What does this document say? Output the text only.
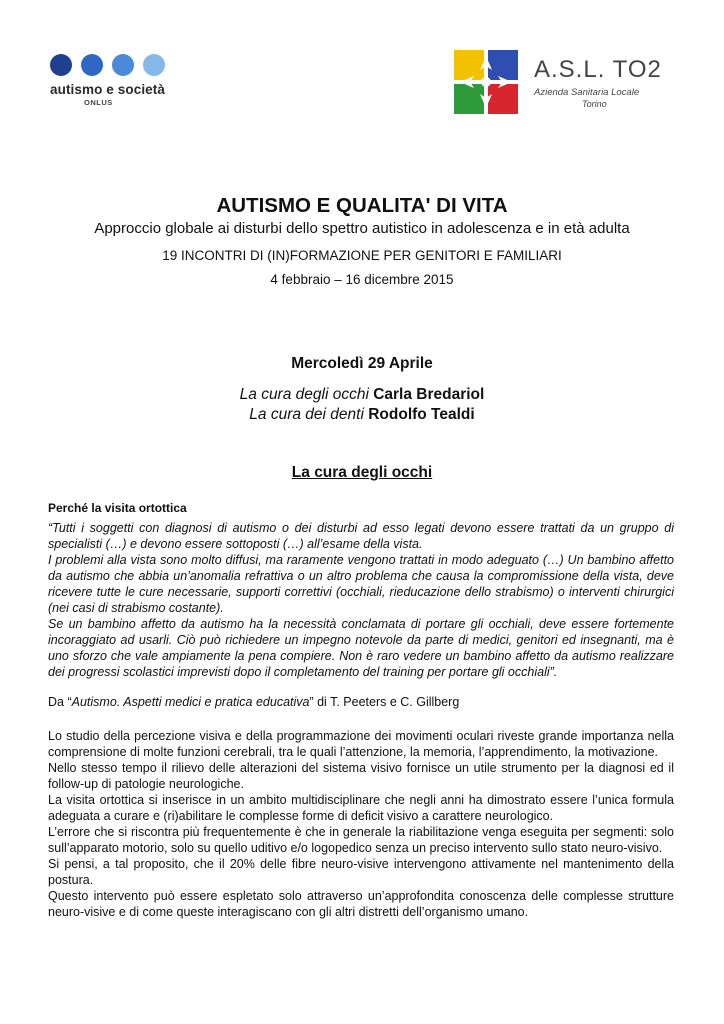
autismo e società
ONLUS
A.S.L. TO2
Azienda Sanitaria Locale
Torino
AUTISMO E QUALITA' DI VITA
Approccio globale ai disturbi dello spettro autistico in adolescenza e in età adulta
19 INCONTRI DI (IN)FORMAZIONE PER GENITORI E FAMILIARI
4 febbraio – 16 dicembre 2015
Mercoledì 29 Aprile
La cura degli occhi Carla Bredariol
La cura dei denti Rodolfo Tealdi
La cura degli occhi
Perché la visita ortottica

“Tutti i soggetti con diagnosi di autismo o dei disturbi ad esso legati devono essere trattati da un gruppo di specialisti (…) e devono essere sottoposti (…) all’esame della vista.

I problemi alla vista sono molto diffusi, ma raramente vengono trattati in modo adeguato (…) Un bambino affetto da autismo che abbia un’anomalia refrattiva o un altro problema che causa la compromissione della vista, deve ricevere tutte le cure necessarie, supporti correttivi (occhiali, rieducazione dello strabismo) o interventi chirurgici (nei casi di strabismo costante).

Se un bambino affetto da autismo ha la necessità conclamata di portare gli occhiali, deve essere fortemente incoraggiato ad usarli. Ciò può richiedere un impegno notevole da parte di medici, genitori ed insegnanti, ma è uno sforzo che vale ampiamente la pena compiere. Non è raro vedere un bambino affetto da autismo realizzare dei progressi scolastici imprevisti dopo il completamento del training per portare gli occhiali”.

Da “Autismo. Aspetti medici e pratica educativa” di T. Peeters e C. Gillberg

Lo studio della percezione visiva e della programmazione dei movimenti oculari riveste grande importanza nella comprensione di molte funzioni cerebrali, tra le quali l’attenzione, la memoria, l’apprendimento, la motivazione.

Nello stesso tempo il rilievo delle alterazioni del sistema visivo fornisce un utile strumento per la diagnosi ed il follow-up di patologie neurologiche.

La visita ortottica si inserisce in un ambito multidisciplinare che negli anni ha dimostrato essere l’unica formula adeguata a curare e (ri)abilitare le complesse forme di deficit visivo a carattere neurologico.

L’errore che si riscontra più frequentemente è che in generale la riabilitazione venga eseguita per segmenti: solo sull’apparato motorio, solo su quello uditivo e/o logopedico senza un preciso intervento sullo stato neuro-visivo.

Si pensi, a tal proposito, che il 20% delle fibre neuro-visive intervengono attivamente nel mantenimento della postura.

Questo intervento può essere espletato solo attraverso un’approfondita conoscenza delle complesse strutture neuro-visive e di come queste interagiscano con gli altri distretti dell’organismo umano.
